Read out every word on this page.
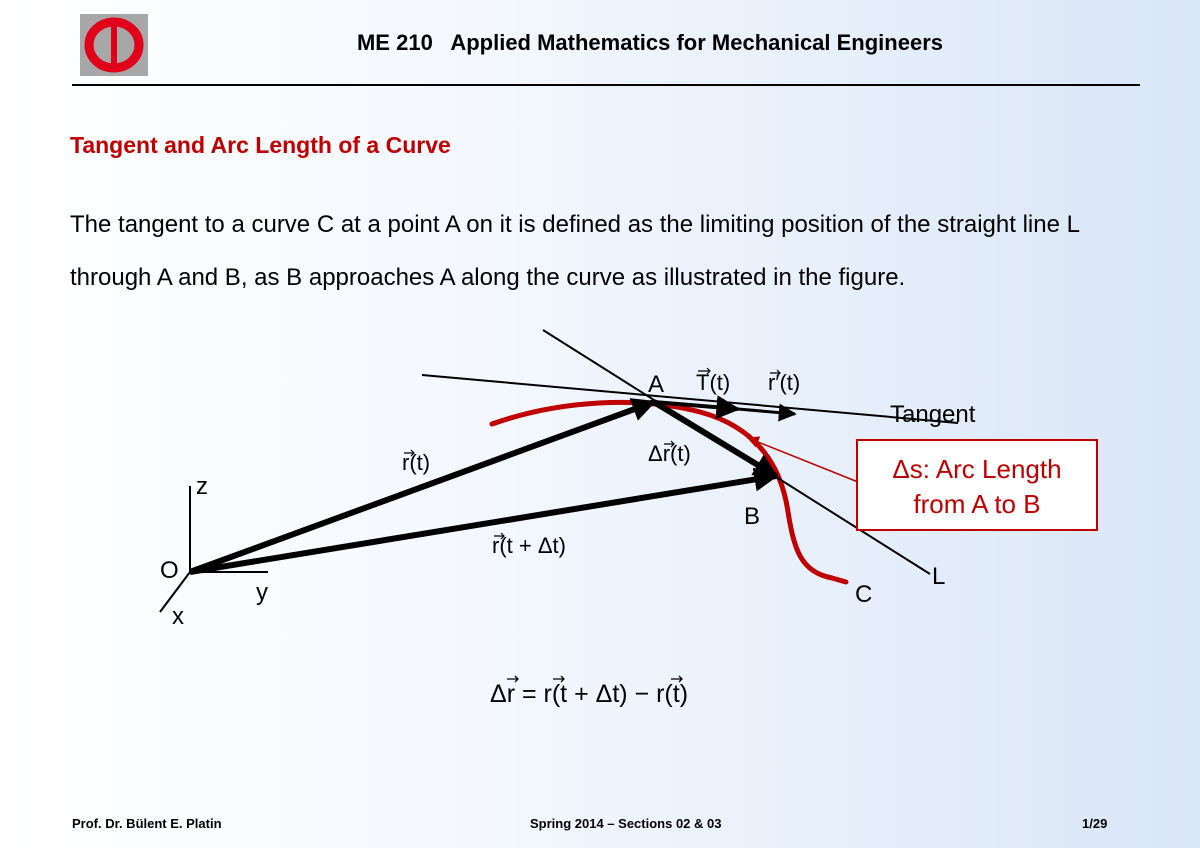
ME 210   Applied Mathematics for Mechanical Engineers
Tangent and Arc Length of a Curve

The tangent to a curve C at a point A on it is defined as the limiting position of the straight line L through A and B, as B approaches A along the curve as illustrated in the figure.

Δs: Arc Length
from A to B
A
B
C
O
z
y
x
L
Tangent
r(t)
r(t + Δt)
Δr(t)
T(t) r′(t)
Δr = r(t + Δt) − r(t)
Prof. Dr. Bülent E. Platin	Spring 2014 – Sections 02 & 03	1/29
